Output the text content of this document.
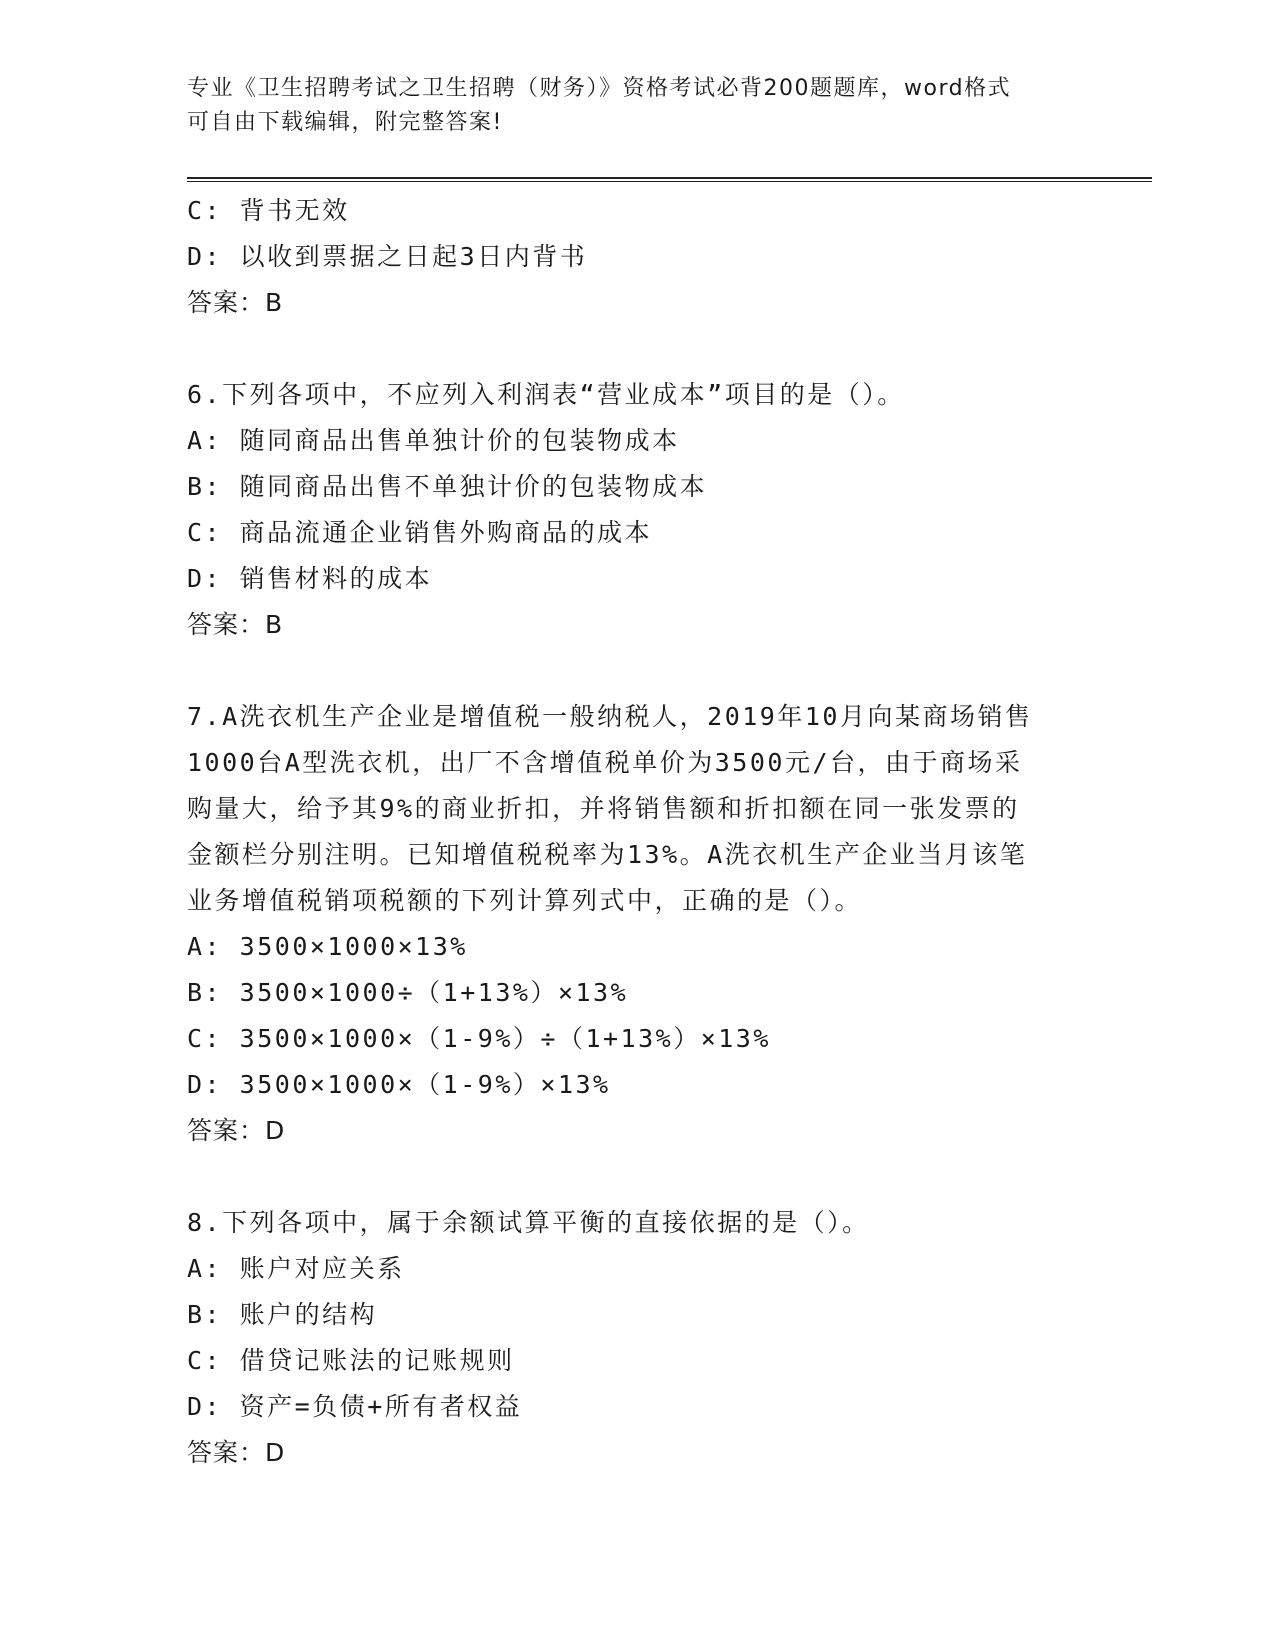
专业《卫生招聘考试之卫生招聘（财务）》资格考试必背200题题库，word格式
可自由下载编辑，附完整答案!
C: 背书无效
D: 以收到票据之日起3日内背书
答案：B
6.下列各项中，不应列入利润表“营业成本”项目的是（）。
A: 随同商品出售单独计价的包装物成本
B: 随同商品出售不单独计价的包装物成本
C: 商品流通企业销售外购商品的成本
D: 销售材料的成本
答案：B
7.A洗衣机生产企业是增值税一般纳税人，2019年10月向某商场销售
1000台A型洗衣机，出厂不含增值税单价为3500元/台，由于商场采
购量大，给予其9%的商业折扣，并将销售额和折扣额在同一张发票的
金额栏分别注明。已知增值税税率为13%。A洗衣机生产企业当月该笔
业务增值税销项税额的下列计算列式中，正确的是（）。
A: 3500×1000×13%
B: 3500×1000÷（1+13%）×13%
C: 3500×1000×（1-9%）÷（1+13%）×13%
D: 3500×1000×（1-9%）×13%
答案：D
8.下列各项中，属于余额试算平衡的直接依据的是（）。
A: 账户对应关系
B: 账户的结构
C: 借贷记账法的记账规则
D: 资产=负债+所有者权益
答案：D
